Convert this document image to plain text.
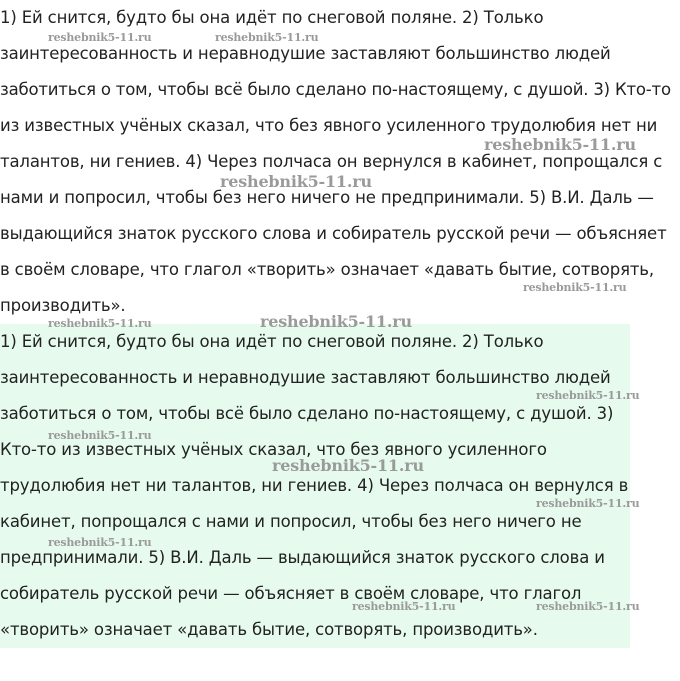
1) Ей снится, будто бы она идёт по снеговой поляне. 2) Только
заинтересованность и неравнодушие заставляют большинство людей
заботиться о том, чтобы всё было сделано по-настоящему, с душой. 3) Кто-то
из известных учёных сказал, что без явного усиленного трудолюбия нет ни
талантов, ни гениев. 4) Через полчаса он вернулся в кабинет, попрощался с
нами и попросил, чтобы без него ничего не предпринимали. 5) В.И. Даль —
выдающийся знаток русского слова и собиратель русской речи — объясняет
в своём словаре, что глагол «творить» означает «давать бытие, сотворять,
производить».
1) Ей снится, будто бы она идёт по снеговой поляне. 2) Только
заинтересованность и неравнодушие заставляют большинство людей
заботиться о том, чтобы всё было сделано по-настоящему, с душой. 3)
Кто-то из известных учёных сказал, что без явного усиленного
трудолюбия нет ни талантов, ни гениев. 4) Через полчаса он вернулся в
кабинет, попрощался с нами и попросил, чтобы без него ничего не
предпринимали. 5) В.И. Даль — выдающийся знаток русского слова и
собиратель русской речи — объясняет в своём словаре, что глагол
«творить» означает «давать бытие, сотворять, производить».
reshebnik5-11.ru	reshebnik5-11.ru
reshebnik5-11.ru
reshebnik5-11.ru
reshebnik5-11.ru
reshebnik5-11.ru	reshebnik5-11.ru
reshebnik5-11.ru
reshebnik5-11.ru
reshebnik5-11.ru
reshebnik5-11.ru
reshebnik5-11.ru
reshebnik5-11.ru	reshebnik5-11.ru
